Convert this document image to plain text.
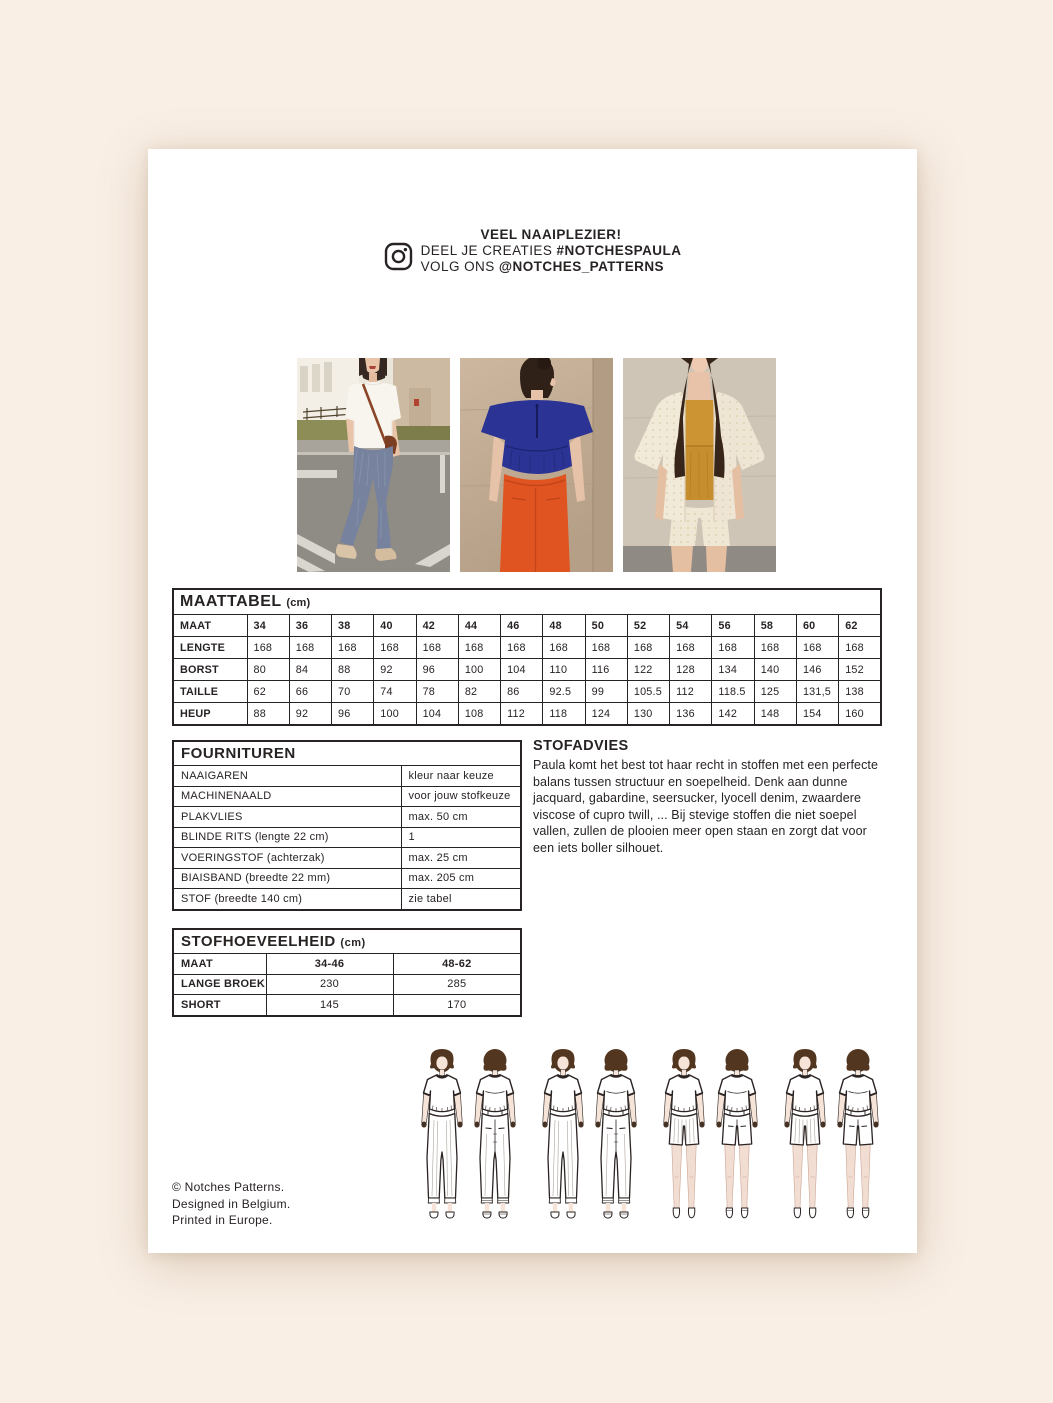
VEEL NAAIPLEZIER!
DEEL JE CREATIES #NOTCHESPAULA
VOLG ONS @NOTCHES_PATTERNS
MAATTABEL (cm)															
MAAT	34	36	38	40	42	44	46	48	50	52	54	56	58	60	62
LENGTE	168	168	168	168	168	168	168	168	168	168	168	168	168	168	168
BORST	80	84	88	92	96	100	104	110	116	122	128	134	140	146	152
TAILLE	62	66	70	74	78	82	86	92.5	99	105.5	112	118.5	125	131,5	138
HEUP	88	92	96	100	104	108	112	118	124	130	136	142	148	154	160
FOURNITUREN	
NAAIGAREN	kleur naar keuze
MACHINENAALD	voor jouw stofkeuze
PLAKVLIES	max. 50 cm
BLINDE RITS (lengte 22 cm)	1
VOERINGSTOF (achterzak)	max. 25 cm
BIAISBAND (breedte 22 mm)	max. 205 cm
STOF (breedte 140 cm)	zie tabel
STOFADVIES

Paula komt het best tot haar recht in stoffen met een perfecte balans tussen structuur en soepelheid. Denk aan dunne jacquard, gabardine, seersucker, lyocell denim, zwaardere viscose of cupro twill, ... Bij stevige stoffen die niet soepel vallen, zullen de plooien meer open staan en zorgt dat voor een iets boller silhouet.

STOFHOEVEELHEID (cm)		
MAAT	34-46	48-62
LANGE BROEK	230	285
SHORT	145	170
© Notches Patterns.
Designed in Belgium.
Printed in Europe.
